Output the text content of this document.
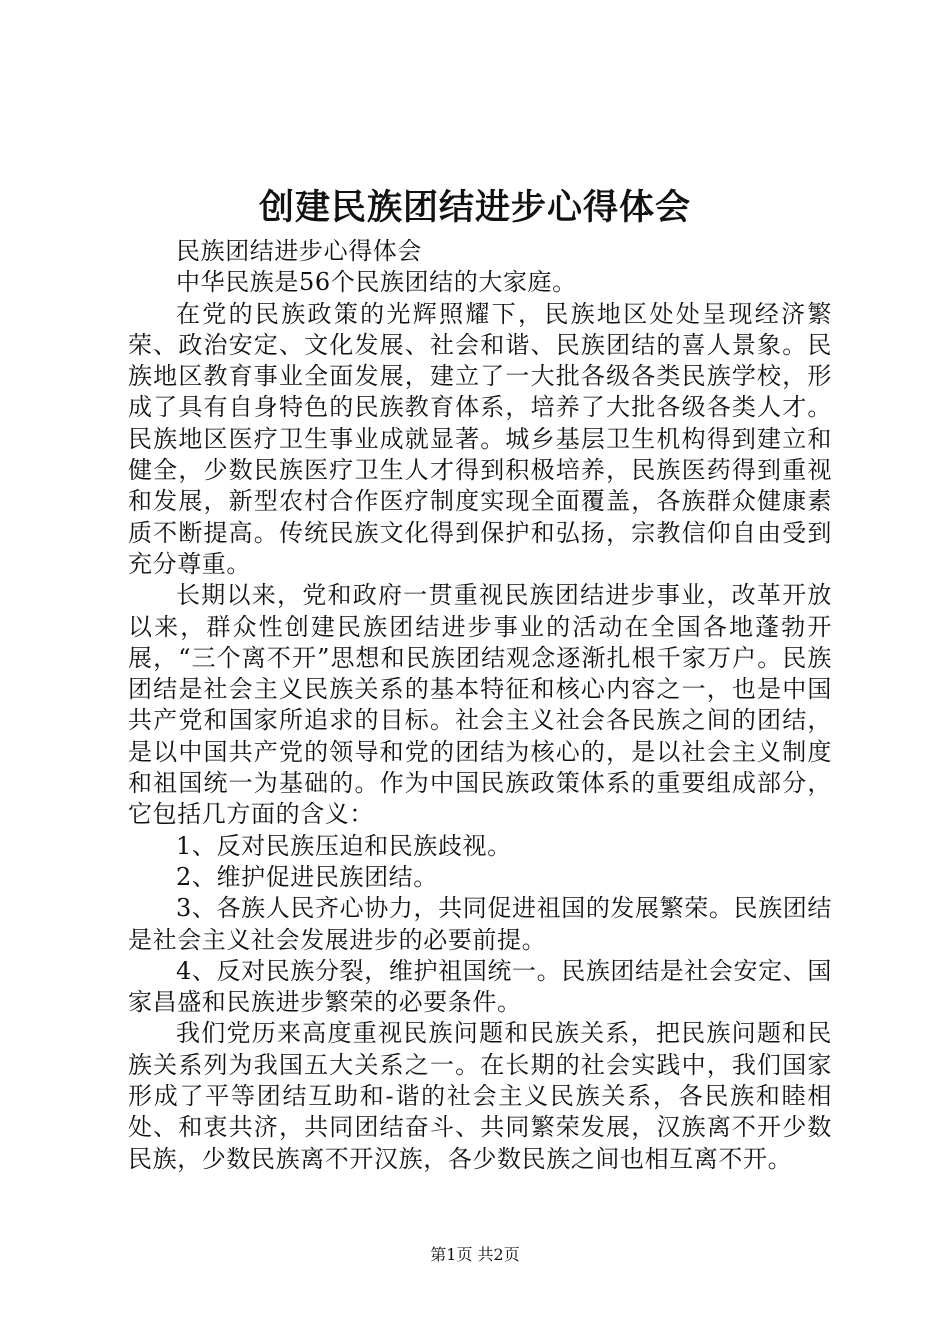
创建民族团结进步心得体会

民族团结进步心得体会

中华民族是56个民族团结的大家庭。

在党的民族政策的光辉照耀下，民族地区处处呈现经济繁荣、政治安定、文化发展、社会和谐、民族团结的喜人景象。民族地区教育事业全面发展，建立了一大批各级各类民族学校，形成了具有自身特色的民族教育体系，培养了大批各级各类人才。民族地区医疗卫生事业成就显著。城乡基层卫生机构得到建立和健全，少数民族医疗卫生人才得到积极培养，民族医药得到重视和发展，新型农村合作医疗制度实现全面覆盖，各族群众健康素质不断提高。传统民族文化得到保护和弘扬，宗教信仰自由受到充分尊重。

长期以来，党和政府一贯重视民族团结进步事业，改革开放以来，群众性创建民族团结进步事业的活动在全国各地蓬勃开展，“三个离不开”思想和民族团结观念逐渐扎根千家万户。民族团结是社会主义民族关系的基本特征和核心内容之一，也是中国共产党和国家所追求的目标。社会主义社会各民族之间的团结，是以中国共产党的领导和党的团结为核心的，是以社会主义制度和祖国统一为基础的。作为中国民族政策体系的重要组成部分，它包括几方面的含义：

1、反对民族压迫和民族歧视。

2、维护促进民族团结。

3、各族人民齐心协力，共同促进祖国的发展繁荣。民族团结是社会主义社会发展进步的必要前提。

4、反对民族分裂，维护祖国统一。民族团结是社会安定、国家昌盛和民族进步繁荣的必要条件。

我们党历来高度重视民族问题和民族关系，把民族问题和民族关系列为我国五大关系之一。在长期的社会实践中，我们国家形成了平等团结互助和-谐的社会主义民族关系，各民族和睦相处、和衷共济，共同团结奋斗、共同繁荣发展，汉族离不开少数民族，少数民族离不开汉族，各少数民族之间也相互离不开。

第1页 共2页
